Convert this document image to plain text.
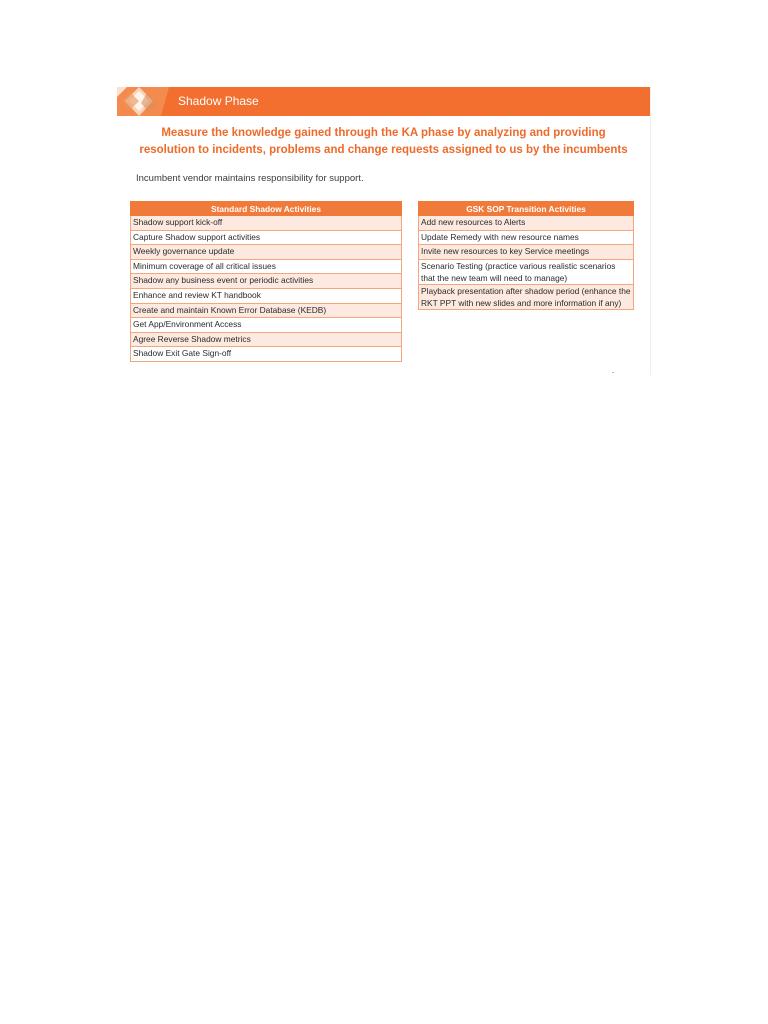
Shadow Phase
Measure the knowledge gained through the KA phase by analyzing and providing
resolution to incidents, problems and change requests assigned to us by the incumbents
Incumbent vendor maintains responsibility for support.
Standard Shadow Activities
Shadow support kick-off
Capture Shadow support activities
Weekly governance update
Minimum coverage of all critical issues
Shadow any business event or periodic activities
Enhance and review KT handbook
Create and maintain Known Error Database (KEDB)
Get App/Environment Access
Agree Reverse Shadow metrics
Shadow Exit Gate Sign-off
GSK SOP Transition Activities
Add new resources to Alerts
Update Remedy with new resource names
Invite new resources to key Service meetings
Scenario Testing (practice various realistic scenarios that the new team will need to manage)
Playback presentation after shadow period (enhance the RKT PPT with new slides and more information if any)
